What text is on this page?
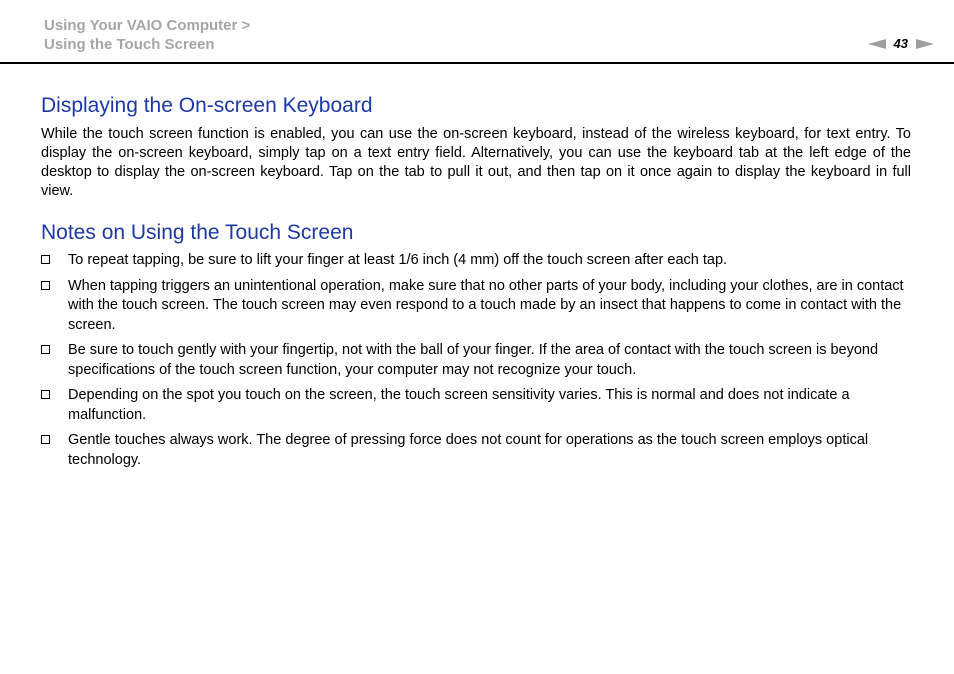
Using Your VAIO Computer >
Using the Touch Screen	43
Displaying the On-screen Keyboard

While the touch screen function is enabled, you can use the on-screen keyboard, instead of the wireless keyboard, for text entry. To display the on-screen keyboard, simply tap on a text entry field. Alternatively, you can use the keyboard tab at the left edge of the desktop to display the on-screen keyboard. Tap on the tab to pull it out, and then tap on it once again to display the keyboard in full view.

Notes on Using the Touch Screen
To repeat tapping, be sure to lift your finger at least 1/6 inch (4 mm) off the touch screen after each tap.
When tapping triggers an unintentional operation, make sure that no other parts of your body, including your clothes, are in contact with the touch screen. The touch screen may even respond to a touch made by an insect that happens to come in contact with the screen.
Be sure to touch gently with your fingertip, not with the ball of your finger. If the area of contact with the touch screen is beyond specifications of the touch screen function, your computer may not recognize your touch.
Depending on the spot you touch on the screen, the touch screen sensitivity varies. This is normal and does not indicate a malfunction.
Gentle touches always work. The degree of pressing force does not count for operations as the touch screen employs optical technology.
